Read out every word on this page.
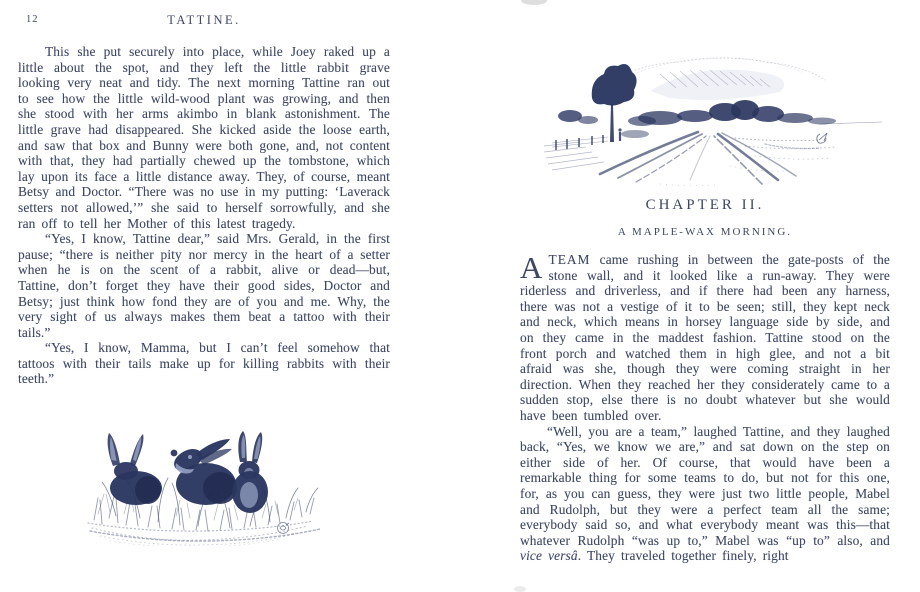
12	TATTINE.

This she put securely into place, while Joey raked up a little about the spot, and they left the little rabbit grave looking very neat and tidy. The next morning Tattine ran out to see how the little wild-wood plant was growing, and then she stood with her arms akimbo in blank astonishment. The little grave had disappeared. She kicked aside the loose earth, and saw that box and Bunny were both gone, and, not content with that, they had partially chewed up the tombstone, which lay upon its face a little distance away. They, of course, meant Betsy and Doctor. “There was no use in my putting: ‘Laverack setters not allowed,’” she said to herself sorrowfully, and she ran off to tell her Mother of this latest tragedy.

“Yes, I know, Tattine dear,” said Mrs. Gerald, in the first pause; “there is neither pity nor mercy in the heart of a setter when he is on the scent of a rabbit, alive or dead—but, Tattine, don’t forget they have their good sides, Doctor and Betsy; just think how fond they are of you and me. Why, the very sight of us always makes them beat a tattoo with their tails.”

“Yes, I know, Mamma, but I can’t feel somehow that tattoos with their tails make up for killing rabbits with their teeth.”

CHAPTER II.
A MAPLE-WAX MORNING.

ATEAM came rushing in between the gate-posts of the stone wall, and it looked like a run-away. They were riderless and driverless, and if there had been any harness, there was not a vestige of it to be seen; still, they kept neck and neck, which means in horsey language side by side, and on they came in the maddest fashion. Tattine stood on the front porch and watched them in high glee, and not a bit afraid was she, though they were coming straight in her direction. When they reached her they considerately came to a sudden stop, else there is no doubt whatever but she would have been tumbled over.

“Well, you are a team,” laughed Tattine, and they laughed back, “Yes, we know we are,” and sat down on the step on either side of her. Of course, that would have been a remarkable thing for some teams to do, but not for this one, for, as you can guess, they were just two little people, Mabel and Rudolph, but they were a perfect team all the same; everybody said so, and what everybody meant was this—that whatever Rudolph “was up to,” Mabel was “up to” also, and vice versâ. They traveled together finely, right
